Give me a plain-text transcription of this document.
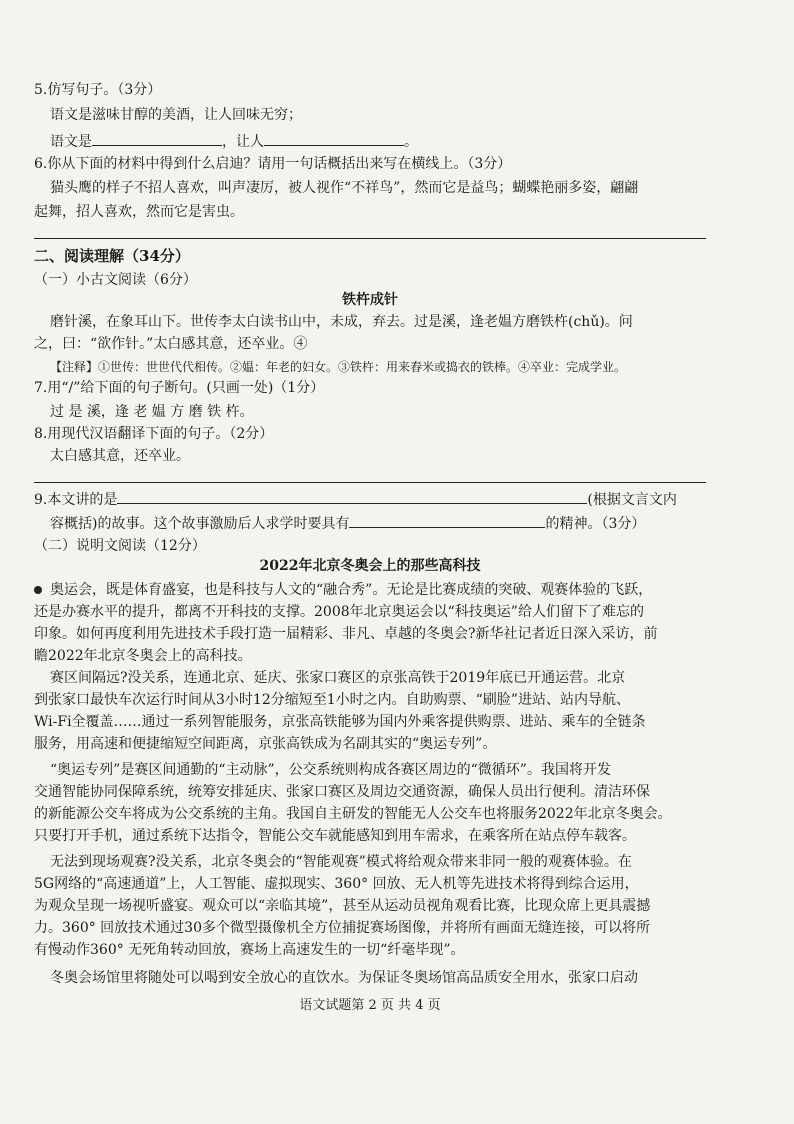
5.仿写句子。（3分）
语文是滋味甘醇的美酒，让人回味无穷；
语文是	，让人	。
6.你从下面的材料中得到什么启迪？请用一句话概括出来写在横线上。（3分）
猫头鹰的样子不招人喜欢，叫声凄厉，被人视作“不祥鸟”，然而它是益鸟；蝴蝶艳丽多姿，翩翩
起舞，招人喜欢，然而它是害虫。
二、阅读理解（34分）
（一）小古文阅读（6分）
铁杵成针
磨针溪，在象耳山下。世传李太白读书山中，未成，弃去。过是溪，逢老媪方磨铁杵(chǔ)。问
之，曰：“欲作针。”太白感其意，还卒业。④
【注释】①世传：世世代代相传。②媪：年老的妇女。③铁杵：用来舂米或捣衣的铁棒。④卒业：完成学业。
7.用“/”给下面的句子断句。(只画一处)（1分）
过 是 溪，逢 老 媪 方 磨 铁 杵。
8.用现代汉语翻译下面的句子。（2分）
太白感其意，还卒业。
9.本文讲的是	(根据文言文内
容概括)的故事。这个故事激励后人求学时要具有	的精神。（3分）
（二）说明文阅读（12分）
2022年北京冬奥会上的那些高科技
奥运会，既是体育盛宴，也是科技与人文的“融合秀”。无论是比赛成绩的突破、观赛体验的飞跃，
还是办赛水平的提升，都离不开科技的支撑。2008年北京奥运会以“科技奥运”给人们留下了难忘的
印象。如何再度利用先进技术手段打造一届精彩、非凡、卓越的冬奥会?新华社记者近日深入采访，前
瞻2022年北京冬奥会上的高科技。
赛区间隔远?没关系，连通北京、延庆、张家口赛区的京张高铁于2019年底已开通运营。北京
到张家口最快车次运行时间从3小时12分缩短至1小时之内。自助购票、“刷脸”进站、站内导航、
Wi-Fi全覆盖……通过一系列智能服务，京张高铁能够为国内外乘客提供购票、进站、乘车的全链条
服务，用高速和便捷缩短空间距离，京张高铁成为名副其实的“奥运专列”。
“奥运专列”是赛区间通勤的“主动脉”，公交系统则构成各赛区周边的“微循环”。我国将开发
交通智能协同保障系统，统筹安排延庆、张家口赛区及周边交通资源，确保人员出行便利。清洁环保
的新能源公交车将成为公交系统的主角。我国自主研发的智能无人公交车也将服务2022年北京冬奥会。
只要打开手机，通过系统下达指令，智能公交车就能感知到用车需求，在乘客所在站点停车载客。
无法到现场观赛?没关系，北京冬奥会的“智能观赛”模式将给观众带来非同一般的观赛体验。在
5G网络的“高速通道”上，人工智能、虚拟现实、360° 回放、无人机等先进技术将得到综合运用，
为观众呈现一场视听盛宴。观众可以“亲临其境”，甚至从运动员视角观看比赛，比现众席上更具震撼
力。360° 回放技术通过30多个微型摄像机全方位捕捉赛场图像，并将所有画面无缝连接，可以将所
有慢动作360° 无死角转动回放，赛场上高速发生的一切“纤毫毕现”。
冬奥会场馆里将随处可以喝到安全放心的直饮水。为保证冬奥场馆高品质安全用水，张家口启动
语文试题第 2 页 共 4 页
